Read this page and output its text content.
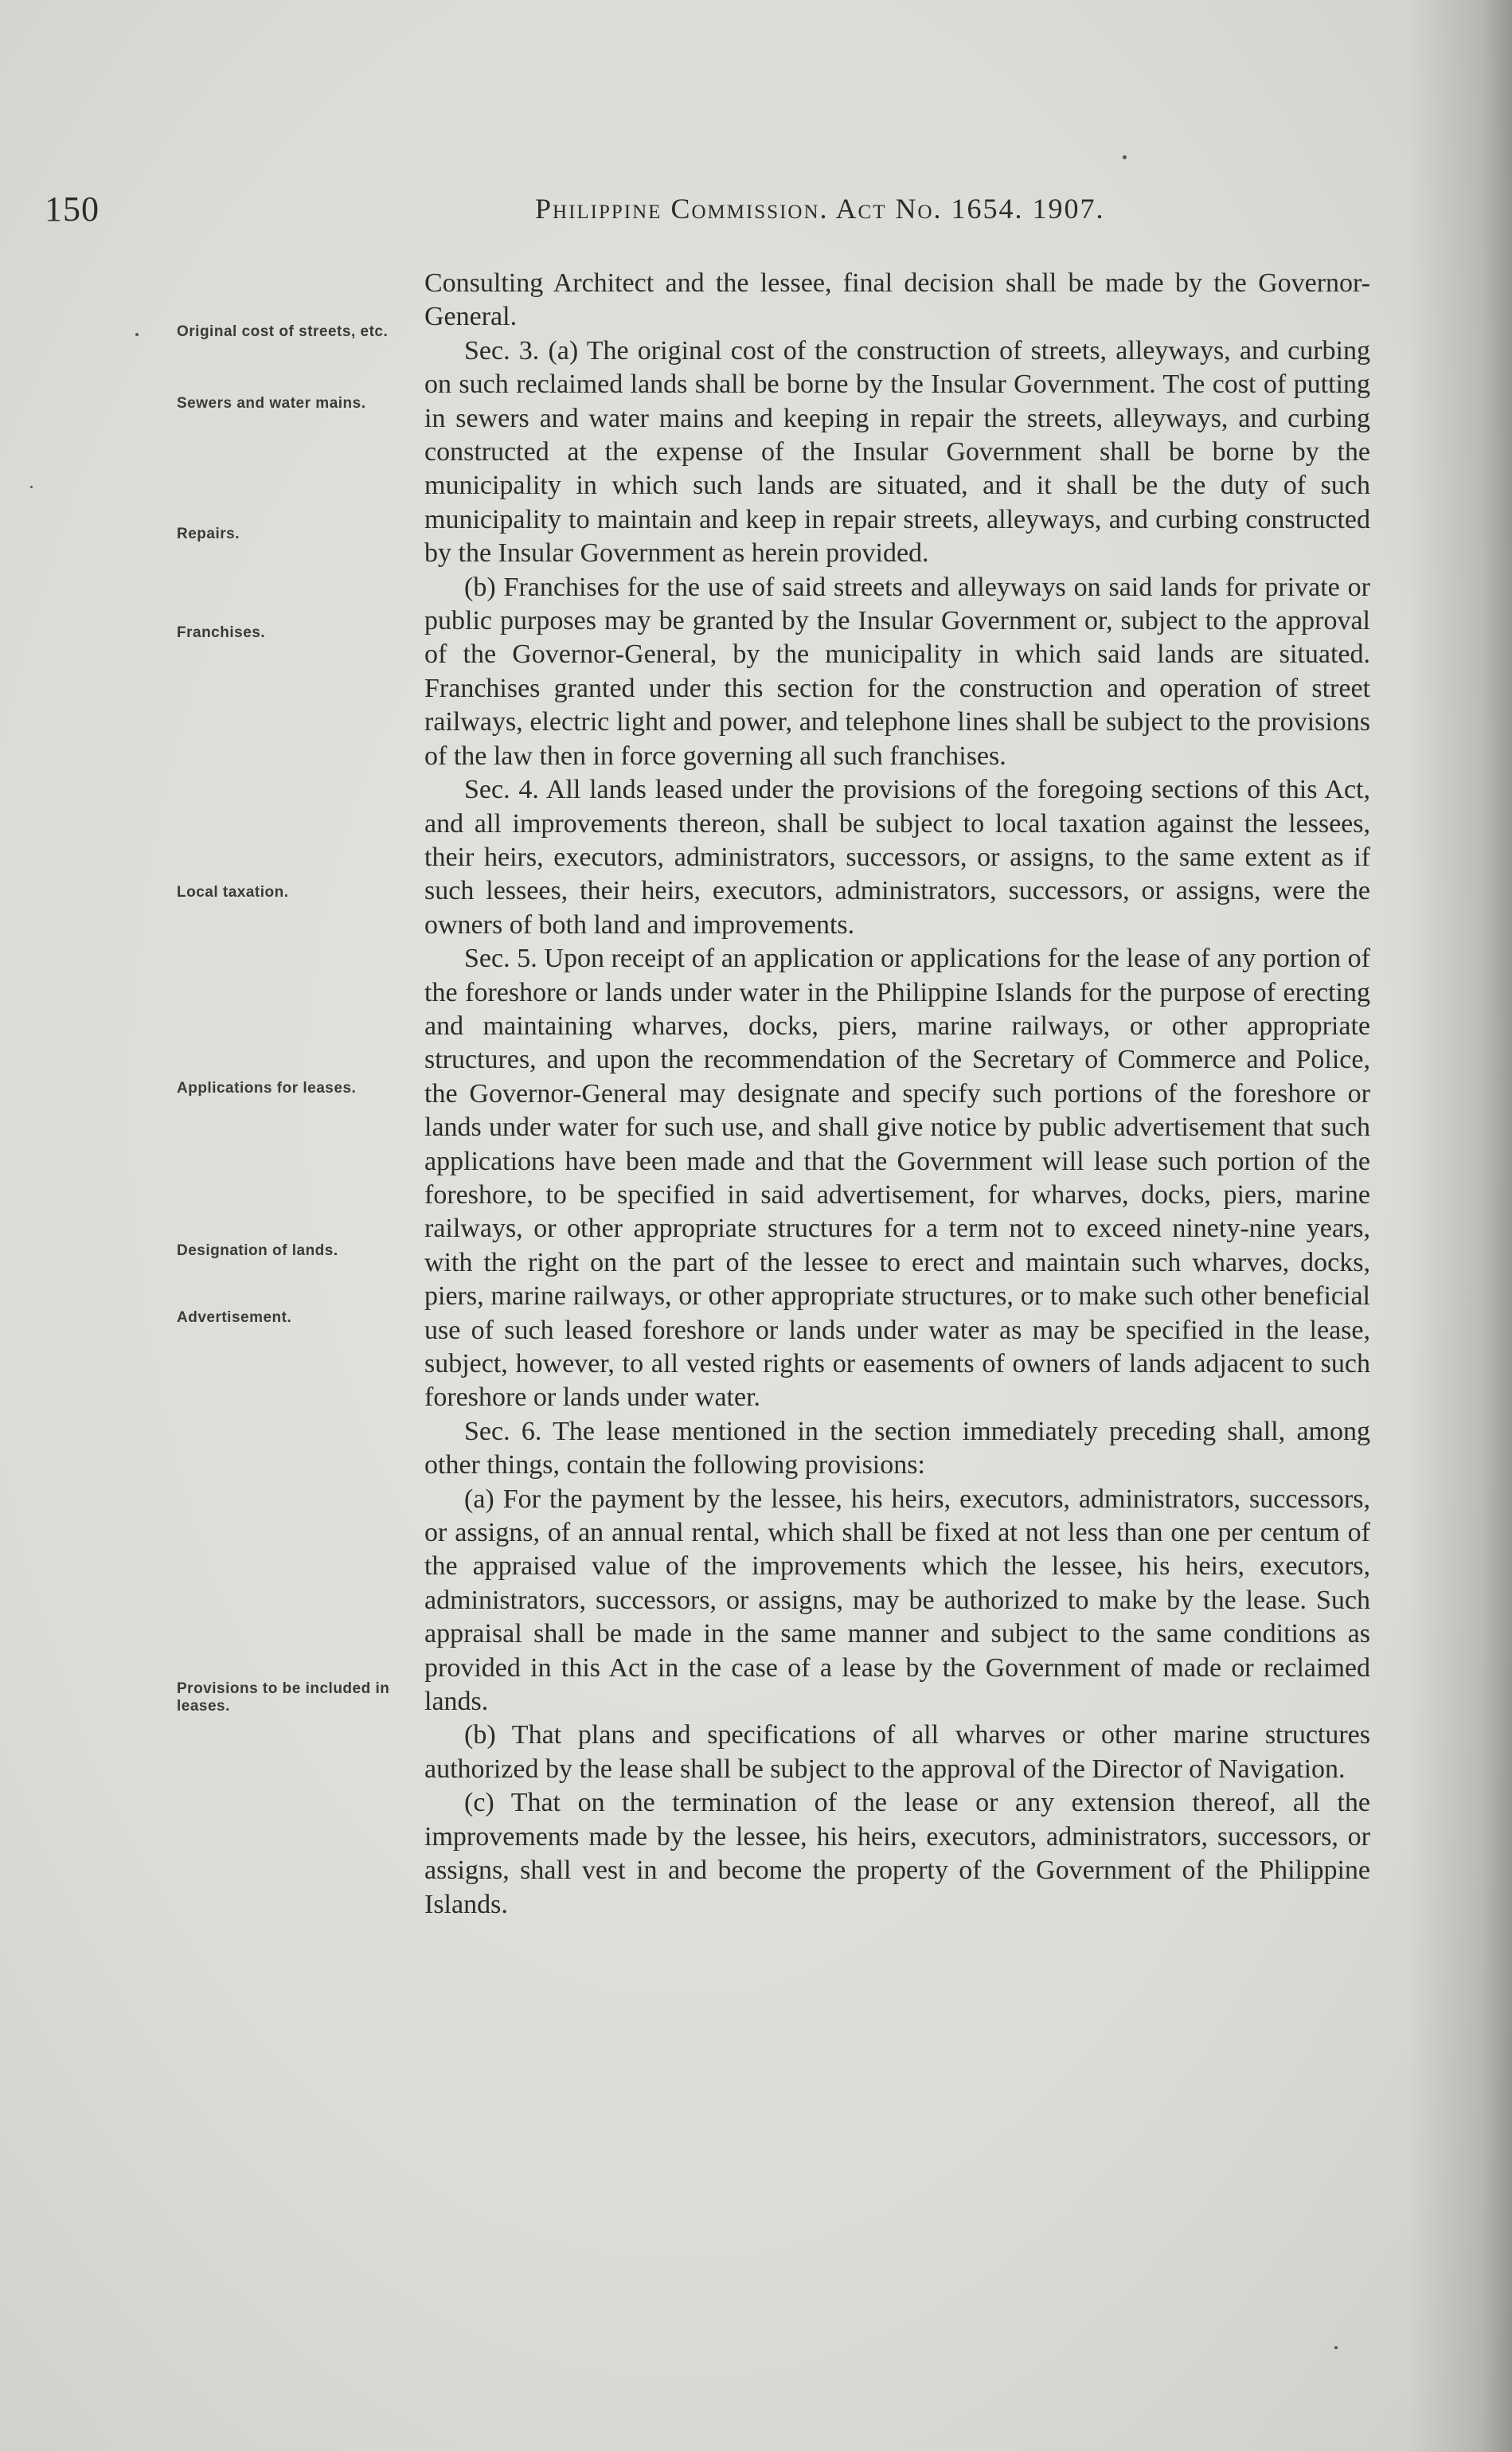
150	Philippine Commission. Act No. 1654. 1907.
Original cost of streets, etc.
Sewers and water mains.
Repairs.
Franchises.
Local taxation.
Applications for leases.
Designation of lands.
Advertisement.
Provisions to be included in leases.

Consulting Architect and the lessee, final decision shall be made by the Governor-General.

Sec. 3. (a) The original cost of the construction of streets, alleyways, and curbing on such reclaimed lands shall be borne by the Insular Government. The cost of putting in sewers and water mains and keeping in repair the streets, alleyways, and curbing constructed at the expense of the Insular Government shall be borne by the municipality in which such lands are situated, and it shall be the duty of such municipality to maintain and keep in repair streets, alleyways, and curbing constructed by the Insular Government as herein provided.

(b) Franchises for the use of said streets and alleyways on said lands for private or public purposes may be granted by the Insular Government or, subject to the approval of the Governor-General, by the municipality in which said lands are situated. Franchises granted under this section for the construction and operation of street railways, electric light and power, and telephone lines shall be subject to the provisions of the law then in force governing all such franchises.

Sec. 4. All lands leased under the provisions of the foregoing sections of this Act, and all improvements thereon, shall be subject to local taxation against the lessees, their heirs, executors, administrators, successors, or assigns, to the same extent as if such lessees, their heirs, executors, administrators, successors, or assigns, were the owners of both land and improvements.

Sec. 5. Upon receipt of an application or applications for the lease of any portion of the foreshore or lands under water in the Philippine Islands for the purpose of erecting and maintaining wharves, docks, piers, marine railways, or other appropriate structures, and upon the recommendation of the Secretary of Commerce and Police, the Governor-General may designate and specify such portions of the foreshore or lands under water for such use, and shall give notice by public advertisement that such applications have been made and that the Government will lease such portion of the foreshore, to be specified in said advertisement, for wharves, docks, piers, marine railways, or other appropriate structures for a term not to exceed ninety-nine years, with the right on the part of the lessee to erect and maintain such wharves, docks, piers, marine railways, or other appropriate structures, or to make such other beneficial use of such leased foreshore or lands under water as may be specified in the lease, subject, however, to all vested rights or easements of owners of lands adjacent to such foreshore or lands under water.

Sec. 6. The lease mentioned in the section immediately preceding shall, among other things, contain the following provisions:

(a) For the payment by the lessee, his heirs, executors, administrators, successors, or assigns, of an annual rental, which shall be fixed at not less than one per centum of the appraised value of the improvements which the lessee, his heirs, executors, administrators, successors, or assigns, may be authorized to make by the lease. Such appraisal shall be made in the same manner and subject to the same conditions as provided in this Act in the case of a lease by the Government of made or reclaimed lands.

(b) That plans and specifications of all wharves or other marine structures authorized by the lease shall be subject to the approval of the Director of Navigation.

(c) That on the termination of the lease or any extension thereof, all the improvements made by the lessee, his heirs, executors, administrators, successors, or assigns, shall vest in and become the property of the Government of the Philippine Islands.
